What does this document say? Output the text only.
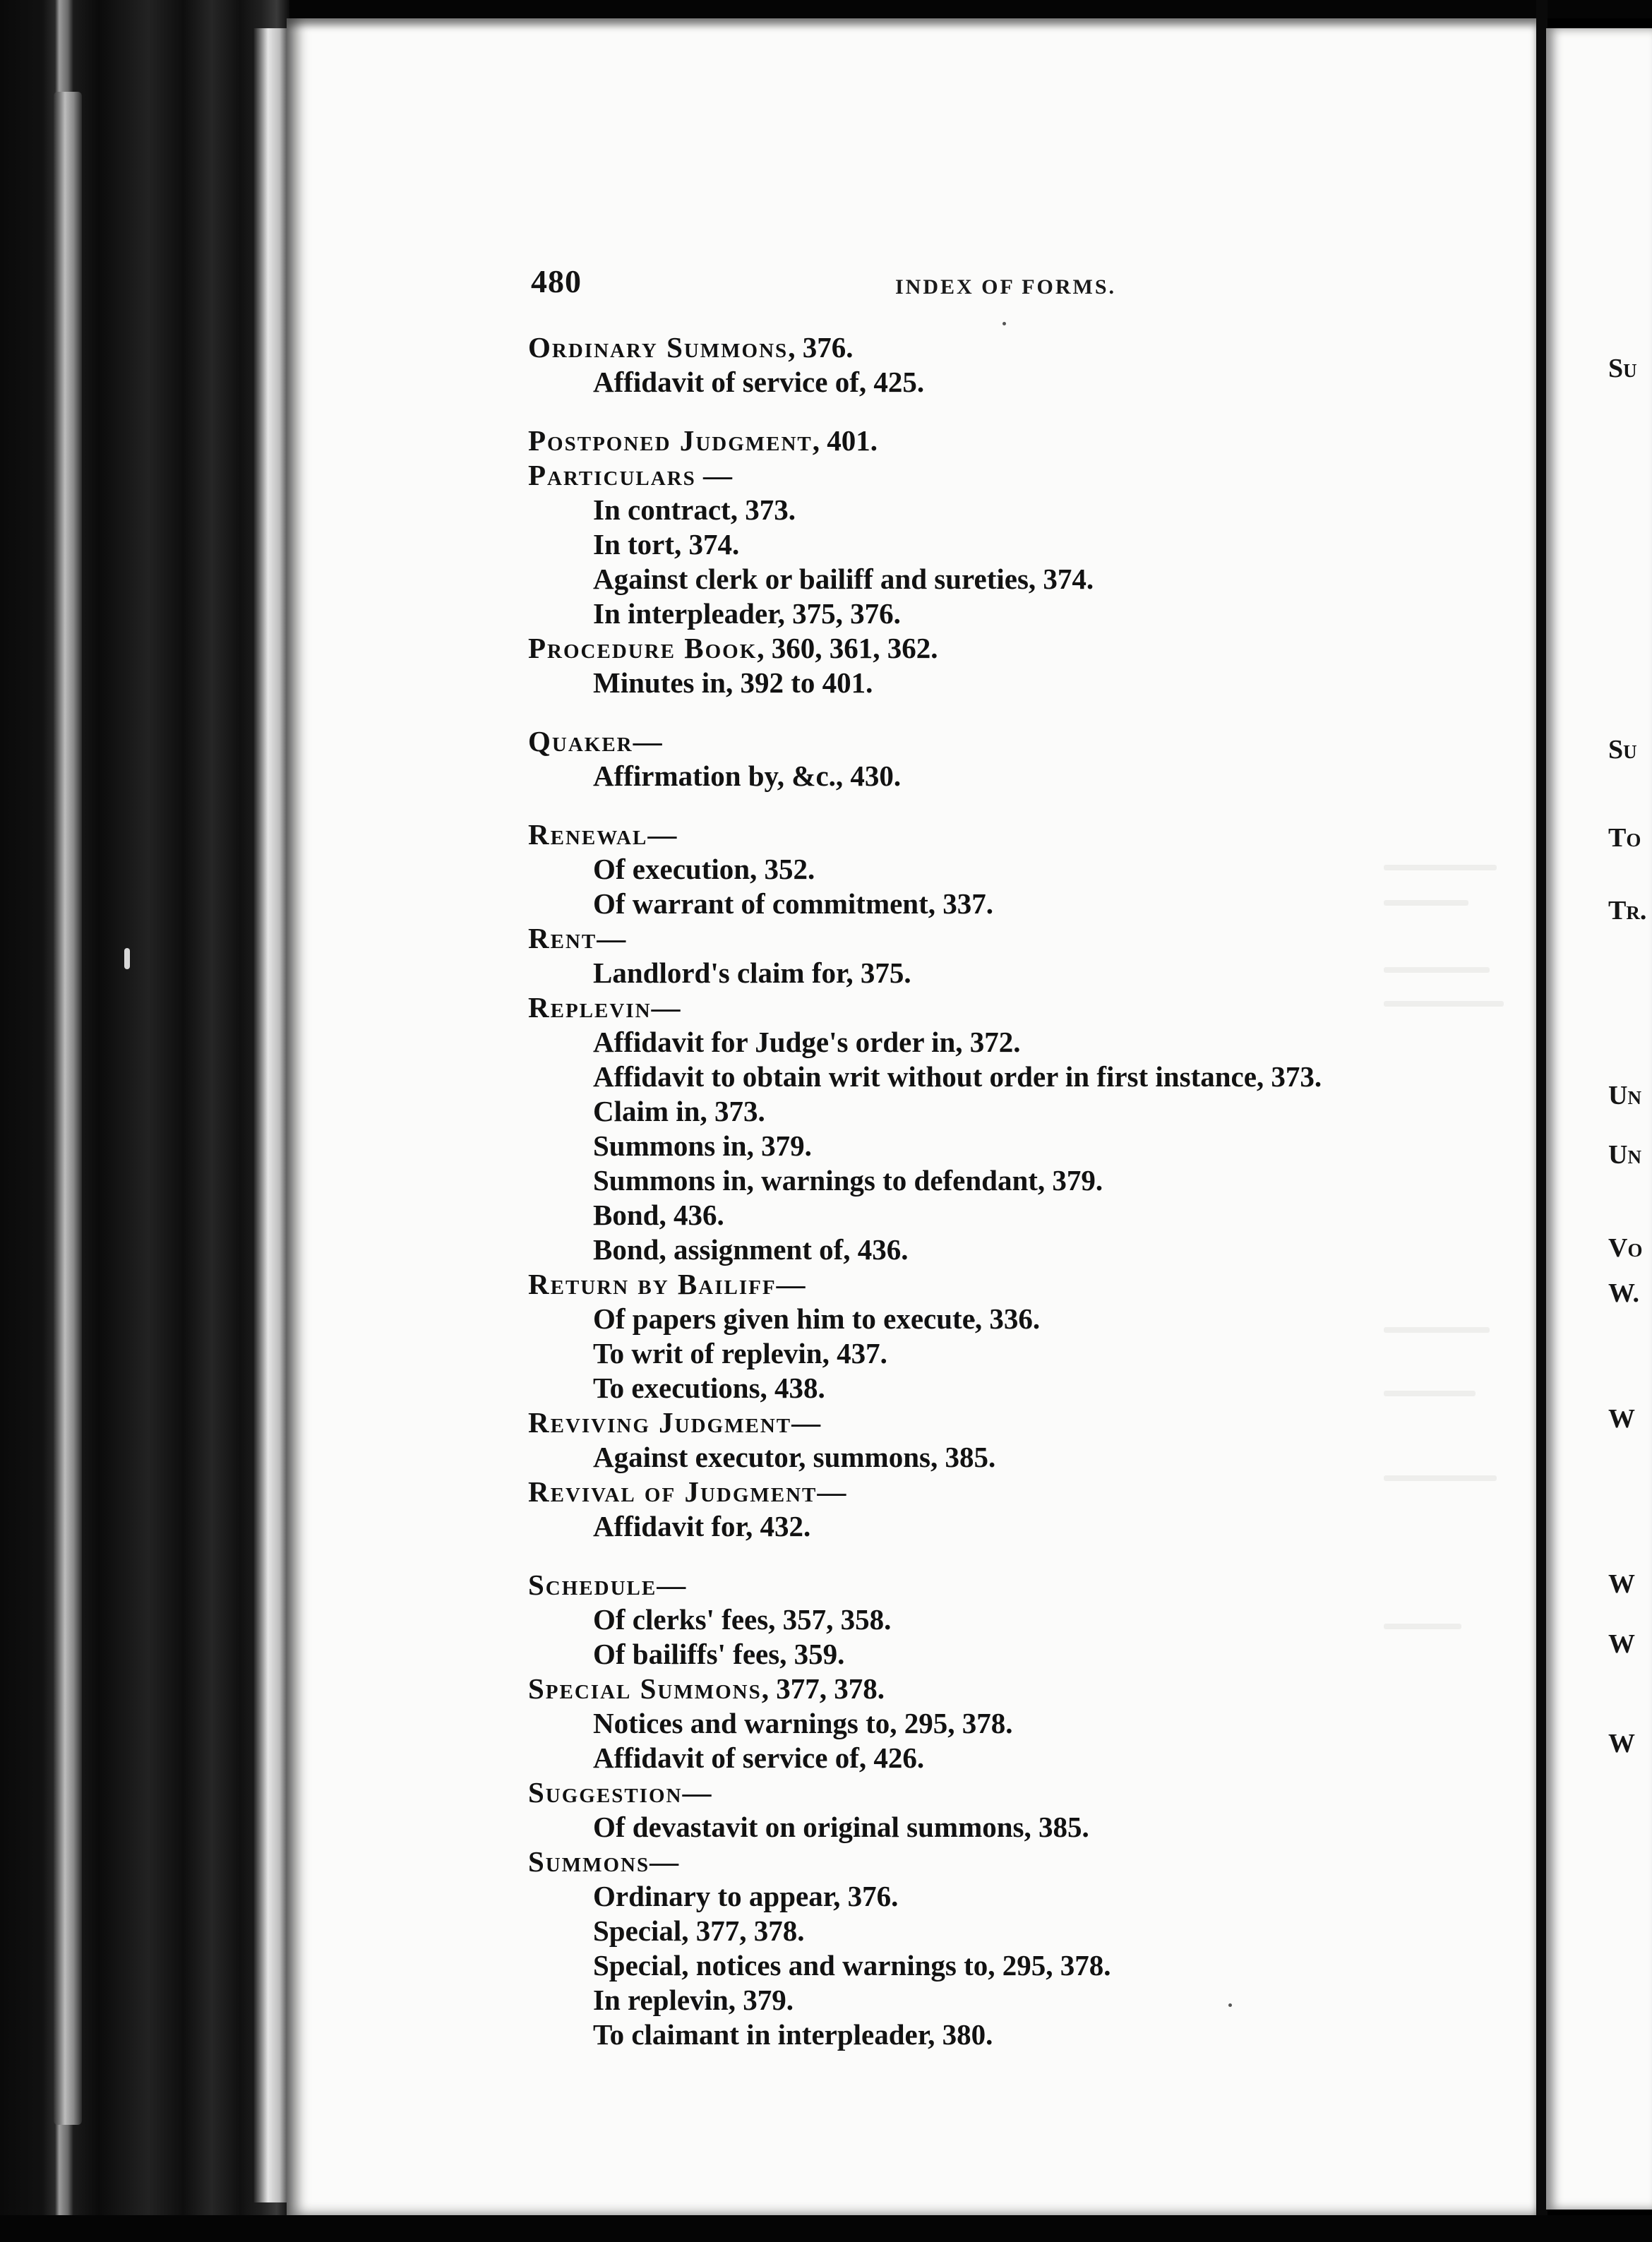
480	INDEX OF FORMS.
Ordinary Summons, 376.
Affidavit of service of, 425.
Postponed Judgment, 401.
Particulars —
In contract, 373.
In tort, 374.
Against clerk or bailiff and sureties, 374.
In interpleader, 375, 376.
Procedure Book, 360, 361, 362.
Minutes in, 392 to 401.
Quaker—
Affirmation by, &c., 430.
Renewal—
Of execution, 352.
Of warrant of commitment, 337.
Rent—
Landlord's claim for, 375.
Replevin—
Affidavit for Judge's order in, 372.
Affidavit to obtain writ without order in first instance, 373.
Claim in, 373.
Summons in, 379.
Summons in, warnings to defendant, 379.
Bond, 436.
Bond, assignment of, 436.
Return by Bailiff—
Of papers given him to execute, 336.
To writ of replevin, 437.
To executions, 438.
Reviving Judgment—
Against executor, summons, 385.
Revival of Judgment—
Affidavit for, 432.
Schedule—
Of clerks' fees, 357, 358.
Of bailiffs' fees, 359.
Special Summons, 377, 378.
Notices and warnings to, 295, 378.
Affidavit of service of, 426.
Suggestion—
Of devastavit on original summons, 385.
Summons—
Ordinary to appear, 376.
Special, 377, 378.
Special, notices and warnings to, 295, 378.
In replevin, 379.
To claimant in interpleader, 380.
Su
Su
To
Tr.
Un
Un
Vo
W.
W
W
W
W
